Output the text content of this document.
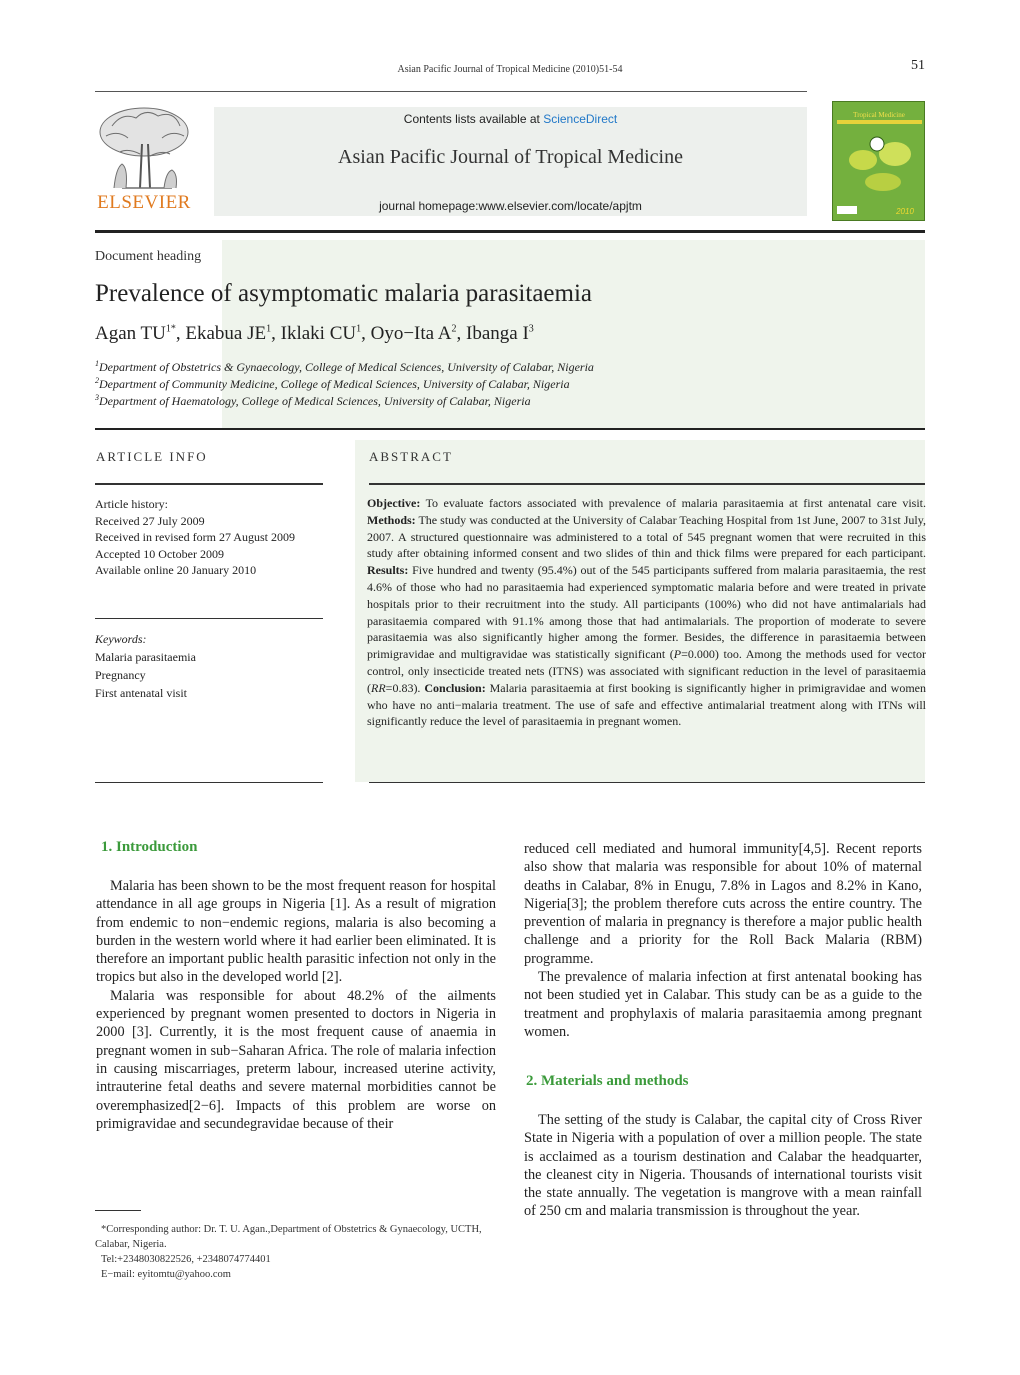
Asian Pacific Journal of Tropical Medicine (2010)51-54	51
ELSEVIER
Contents lists available at ScienceDirect
Asian Pacific Journal of Tropical Medicine
journal homepage:www.elsevier.com/locate/apjtm
Tropical Medicine
2010
Document heading
Prevalence of asymptomatic malaria parasitaemia
Agan $TU^{1*}$, Ekabua $JE^1$, Iklaki $CU^1$, Oyo−Ita $A^2$, Ibanga $I^3$
$^1$Department of Obstetrics & Gynaecology, College of Medical Sciences, University of Calabar, Nigeria
$^2$Department of Community Medicine, College of Medical Sciences, University of Calabar, Nigeria
$^3$Department of Haematology, College of Medical Sciences, University of Calabar, Nigeria
ARTICLE INFO	ABSTRACT
Article history:
Received 27 July 2009
Received in revised form 27 August 2009
Accepted 10 October 2009
Available online 20 January 2010
Keywords:
Malaria parasitaemia
Pregnancy
First antenatal visit
Objective: To evaluate factors associated with prevalence of malaria parasitaemia at first antenatal care visit. Methods: The study was conducted at the University of Calabar Teaching Hospital from 1st June, 2007 to 31st July, 2007. A structured questionnaire was administered to a total of 545 pregnant women that were recruited in this study after obtaining informed consent and two slides of thin and thick films were prepared for each participant. Results: Five hundred and twenty (95.4%) out of the 545 participants suffered from malaria parasitaemia, the rest 4.6% of those who had no parasitaemia had experienced symptomatic malaria before and were treated in private hospitals prior to their recruitment into the study. All participants (100%) who did not have antimalarials had parasitaemia compared with 91.1% among those that had antimalarials. The proportion of moderate to severe parasitaemia was also significantly higher among the former. Besides, the difference in parasitaemia between primigravidae and multigravidae was statistically significant (P=0.000) too. Among the methods used for vector control, only insecticide treated nets (ITNS) was associated with significant reduction in the level of parasitaemia (RR=0.83). Conclusion: Malaria parasitaemia at first booking is significantly higher in primigravidae and women who have no anti−malaria treatment. The use of safe and effective antimalarial treatment along with ITNs will significantly reduce the level of parasitaemia in pregnant women.
1. Introduction

Malaria has been shown to be the most frequent reason for hospital attendance in all age groups in Nigeria [1]. As a result of migration from endemic to non−endemic regions, malaria is also becoming a burden in the western world where it had earlier been eliminated. It is therefore an important public health parasitic infection not only in the tropics but also in the developed world [2].

Malaria was responsible for about 48.2% of the ailments experienced by pregnant women presented to doctors in Nigeria in 2000 [3]. Currently, it is the most frequent cause of anaemia in pregnant women in sub−Saharan Africa. The role of malaria infection in causing miscarriages, preterm labour, increased uterine activity, intrauterine fetal deaths and severe maternal morbidities cannot be overemphasized[2−6]. Impacts of this problem are worse on primigravidae and secundegravidae because of their

reduced cell mediated and humoral immunity[4,5]. Recent reports also show that malaria was responsible for about 10% of maternal deaths in Calabar, 8% in Enugu, 7.8% in Lagos and 8.2% in Kano, Nigeria[3]; the problem therefore cuts across the entire country. The prevention of malaria in pregnancy is therefore a major public health challenge and a priority for the Roll Back Malaria (RBM) programme.

The prevalence of malaria infection at first antenatal booking has not been studied yet in Calabar. This study can be as a guide to the treatment and prophylaxis of malaria parasitaemia among pregnant women.

2. Materials and methods

The setting of the study is Calabar, the capital city of Cross River State in Nigeria with a population of over a million people. The state is acclaimed as a tourism destination and Calabar the headquarter, the cleanest city in Nigeria. Thousands of international tourists visit the state annually. The vegetation is mangrove with a mean rainfall of 250 cm and malaria transmission is throughout the year.

*Corresponding author: Dr. T. U. Agan.,Department of Obstetrics & Gynaecology, UCTH, Calabar, Nigeria.
Tel:+2348030822526, +2348074774401
E−mail: eyitomtu@yahoo.com
